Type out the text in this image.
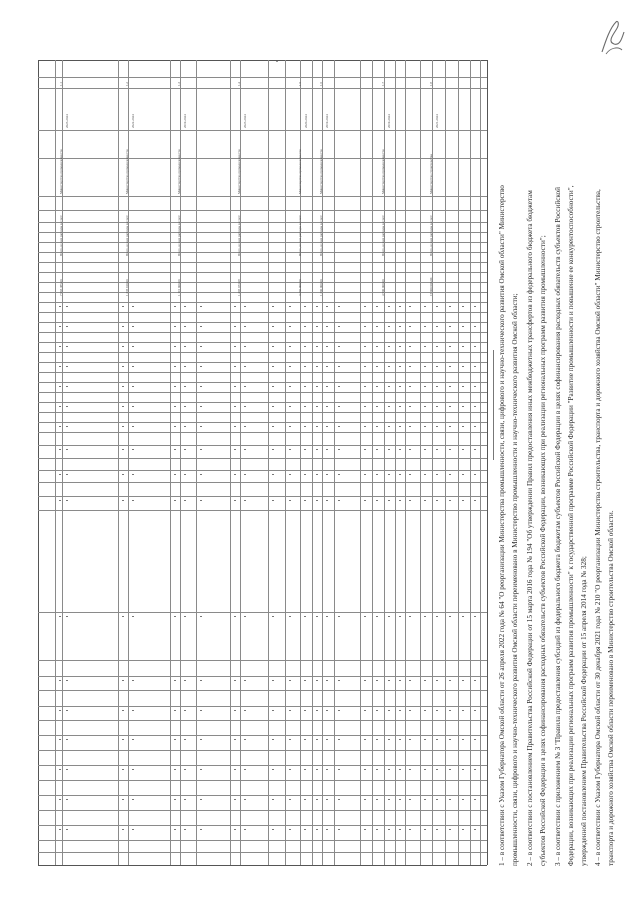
1.1
2023-2024
Министерство промышленности
Всего, из них расходы за счет:
7 993 385,00
1.2
2022-2024
Министерство промышленности
Всего, из них расходы за счет:
1 335 100,00
1.3
2019-2024
Министерство промышленности
Всего, из них расходы за счет:
1 116 000,00
1.4
2023-2024
Министерство промышленности
Всего, из них расходы за счет:
1 405 073,08
1.5
2020-2024
Министерство промышленности
Всего, из них расходы за счет:
3 450 000,00
1.6
2019-2024
Министерство промышленности
Всего, из них расходы за счет:
1 300 000,00
1.7
2019-2024
Министерство промышленности
Всего, из них расходы за счет:
4 500 000,00
1.8
2021-2024
Министерство строительства
Всего, из них расходы за счет:
15 000 000,00	1 – в соответствии с Указом Губернатора Омской области от 26 апреля 2022 года № 64 "О реорганизации Министерства промышленности, связи, цифрового и научно-технического развития Омской области" Министерство промышленности, связи, цифрового и научно-технического развития Омской области переименовано в Министерство промышленности и научно-технического развития Омской области; 2 – в соответствии с постановлением Правительства Российской Федерации от 15 марта 2016 года № 194 "Об утверждении Правил предоставления иных межбюджетных трансфертов из федерального бюджета бюджетам субъектов Российской Федерации в целях софинансирования расходных обязательств субъектов Российской Федерации, возникающих при реализации региональных программ развития промышленности"; 3 – в соответствии с приложением № 3 "Правила предоставления субсидий из федерального бюджета бюджетам субъектов Российской Федерации в целях софинансирования расходных обязательств субъектов Российской Федерации, возникающих при реализации региональных программ развития промышленности" к государственной программе Российской Федерации "Развитие промышленности и повышение ее конкурентоспособности", утвержденной постановлением Правительства Российской Федерации от 15 апреля 2014 года № 328; 4 – в соответствии с Указом Губернатора Омской области от 30 декабря 2021 года № 210 "О реорганизации Министерства строительства, транспорта и дорожного хозяйства Омской области" Министерство строительства, транспорта и дорожного хозяйства Омской области переименовано в Министерство строительства Омской области.
